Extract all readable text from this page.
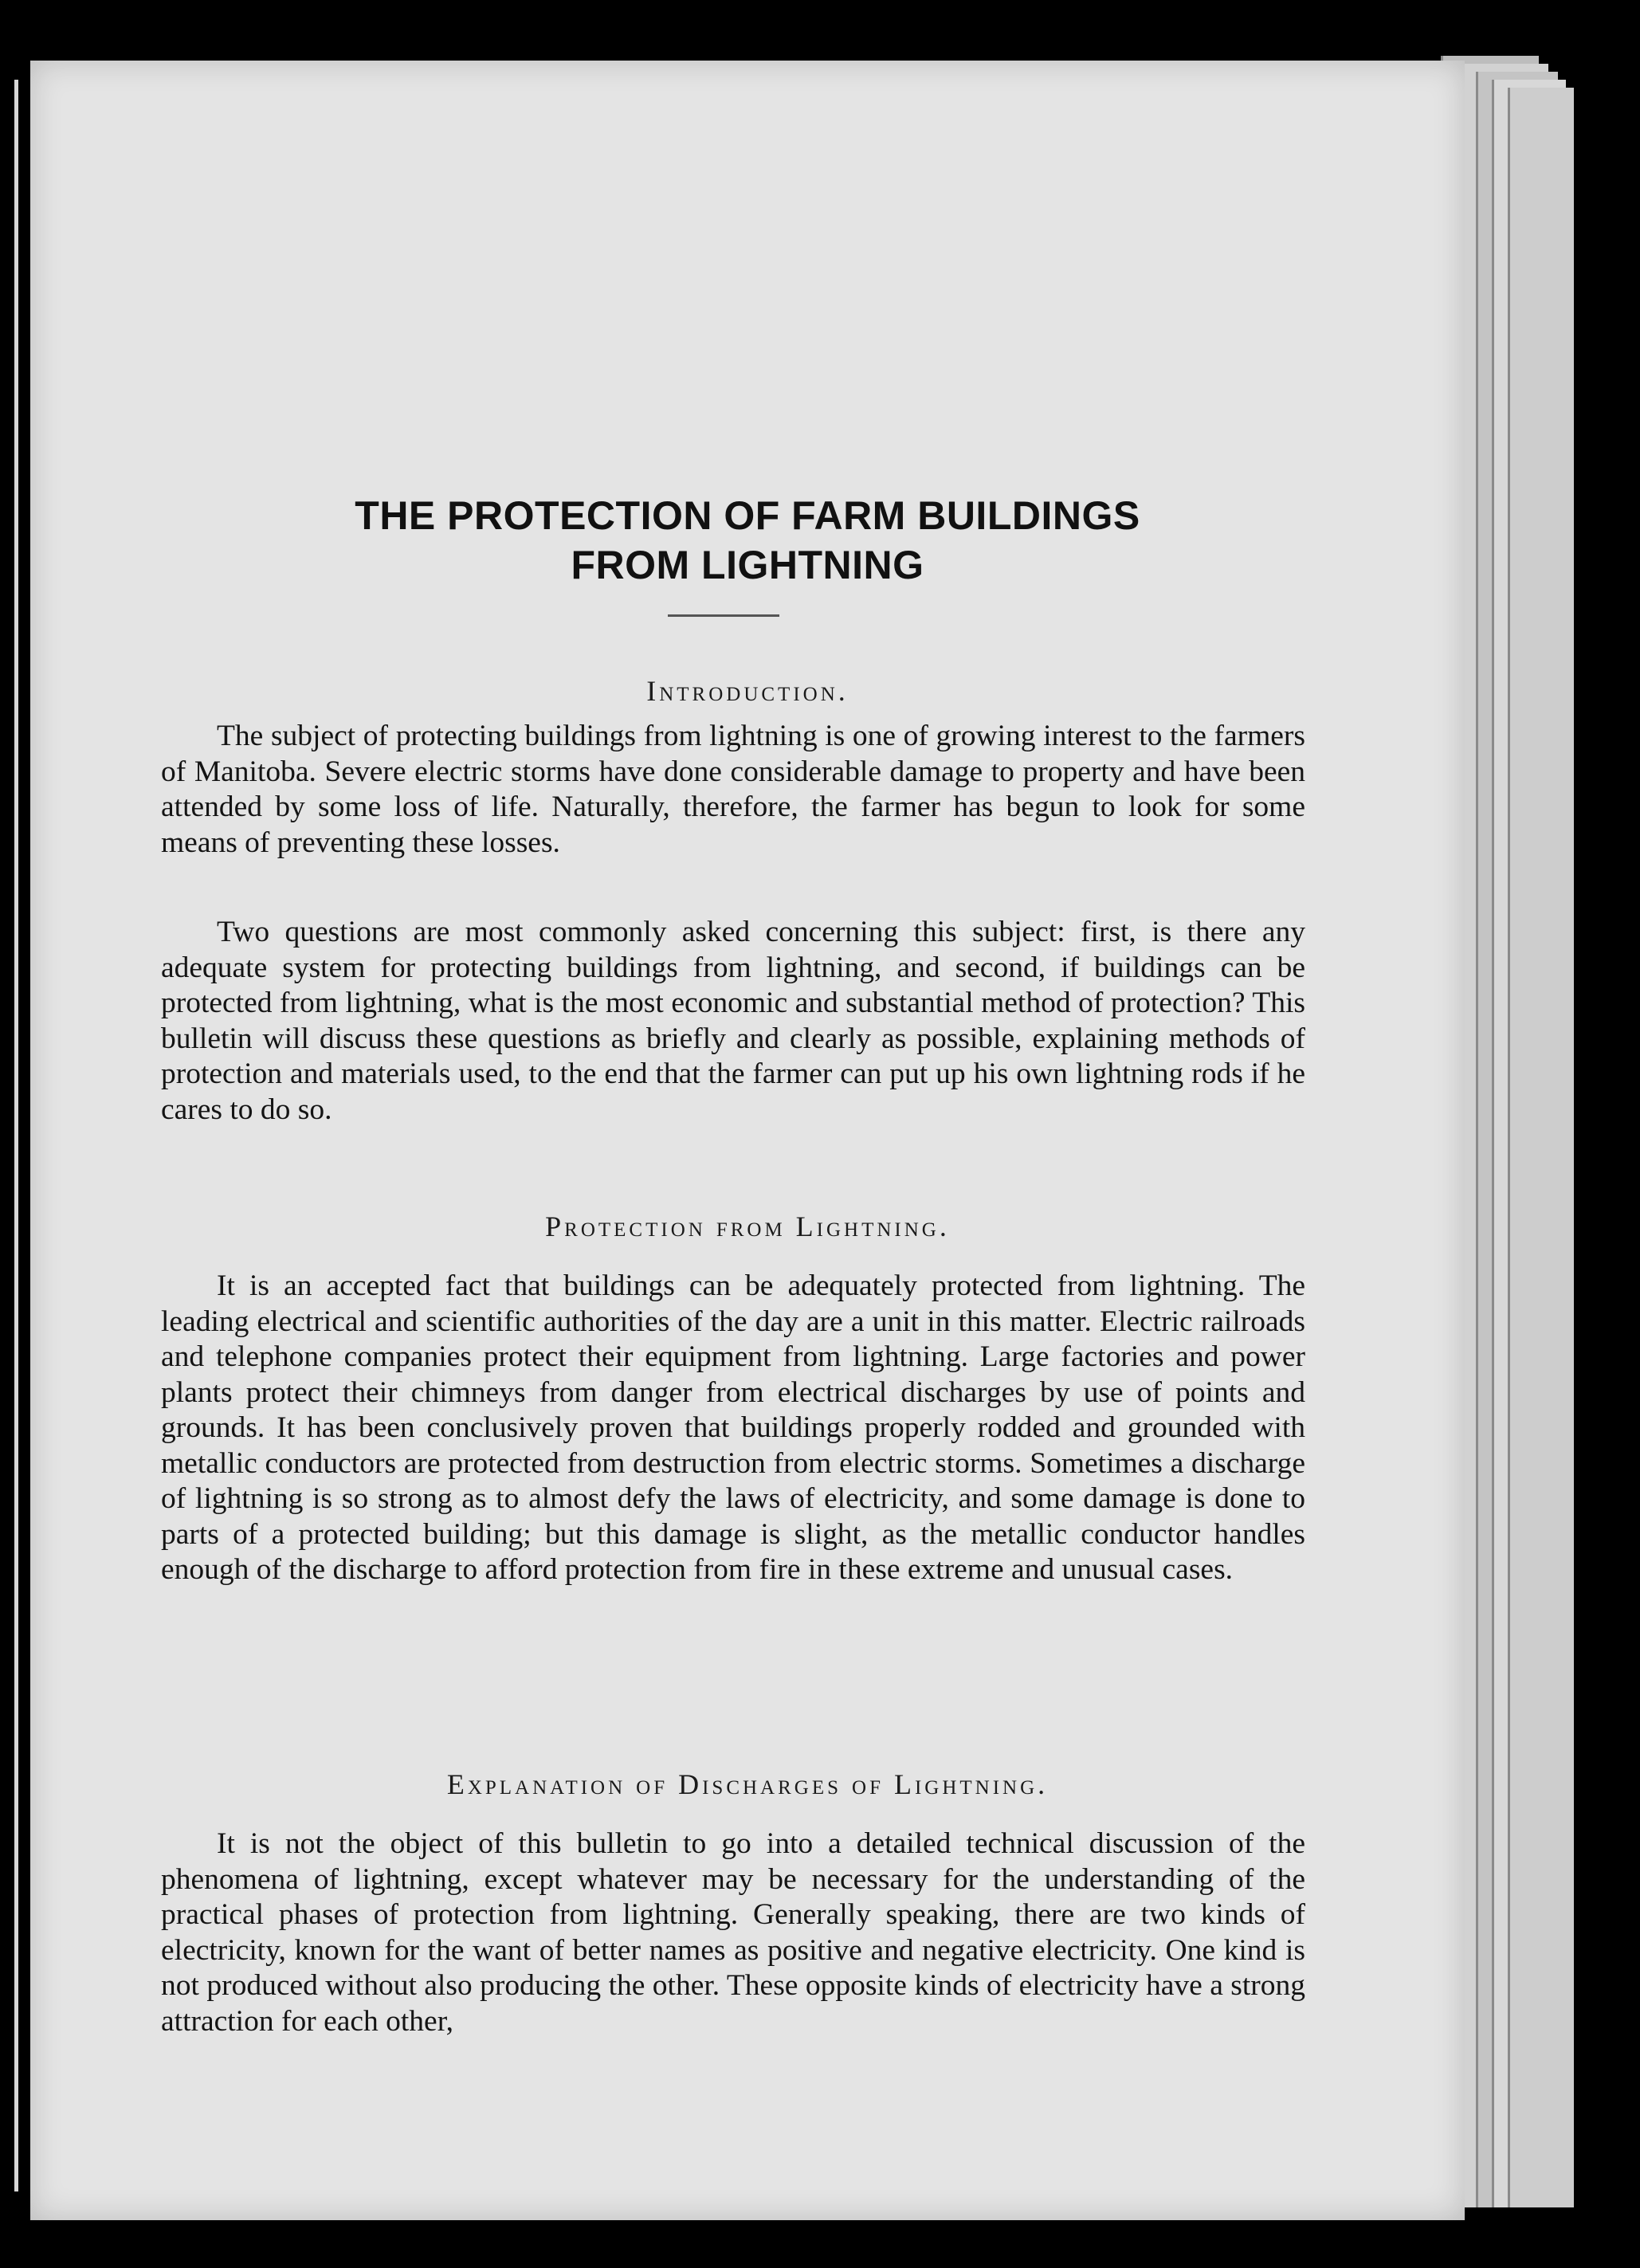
THE PROTECTION OF FARM BUILDINGS
FROM LIGHTNING
Introduction.

The subject of protecting buildings from lightning is one of growing interest to the farmers of Manitoba. Severe electric storms have done considerable damage to property and have been attended by some loss of life. Naturally, therefore, the farmer has begun to look for some means of preventing these losses.

Two questions are most commonly asked concerning this subject: first, is there any adequate system for protecting buildings from lightning, and second, if buildings can be protected from lightning, what is the most economic and substantial method of protection? This bulletin will discuss these questions as briefly and clearly as possible, explaining methods of protection and materials used, to the end that the farmer can put up his own lightning rods if he cares to do so.

Protection from Lightning.

It is an accepted fact that buildings can be adequately protected from lightning. The leading electrical and scientific authorities of the day are a unit in this matter. Electric railroads and telephone companies protect their equipment from lightning. Large factories and power plants protect their chimneys from danger from electrical discharges by use of points and grounds. It has been conclusively proven that buildings properly rodded and grounded with metallic conductors are protected from destruction from electric storms. Sometimes a discharge of lightning is so strong as to almost defy the laws of electricity, and some damage is done to parts of a protected building; but this damage is slight, as the metallic conductor handles enough of the discharge to afford protection from fire in these extreme and unusual cases.

Explanation of Discharges of Lightning.

It is not the object of this bulletin to go into a detailed technical discussion of the phenomena of lightning, except whatever may be necessary for the understanding of the practical phases of protection from lightning. Generally speaking, there are two kinds of electricity, known for the want of better names as positive and negative electricity. One kind is not produced without also producing the other. These opposite kinds of electricity have a strong attraction for each other,
